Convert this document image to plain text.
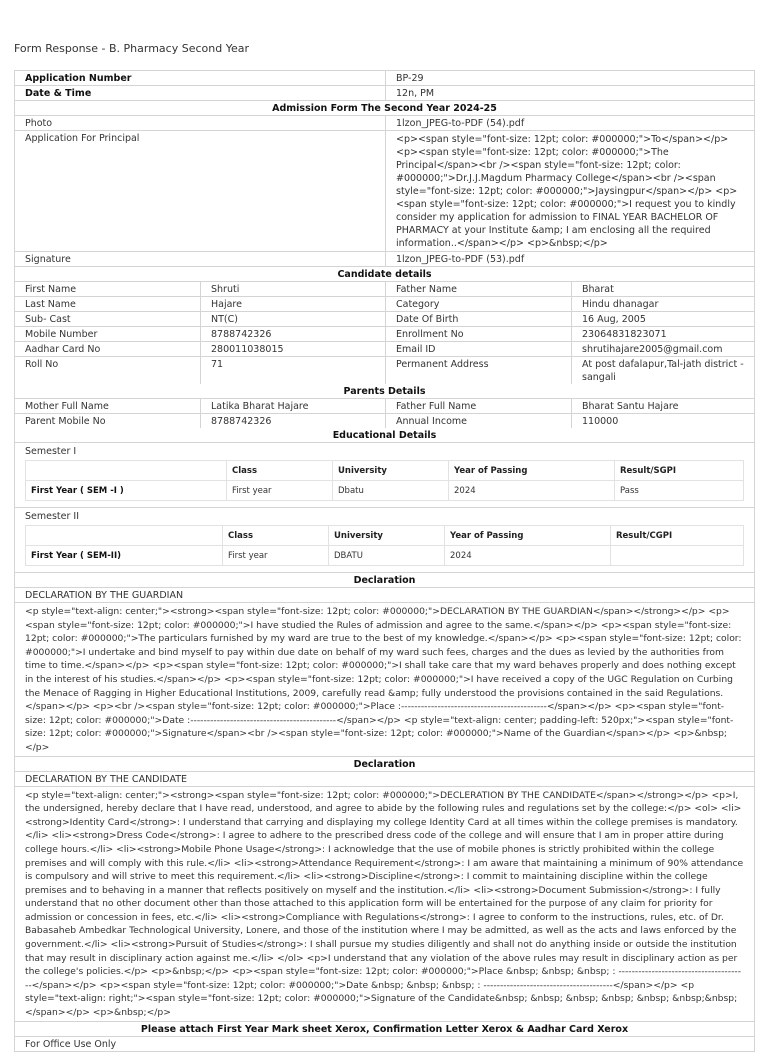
Form Response - B. Pharmacy Second Year
Application Number	BP-29
Date & Time	12n, PM
Admission Form The Second Year 2024-25
Photo	1lzon_JPEG-to-PDF (54).pdf
Application For Principal	<p><span style="font-size: 12pt; color: #000000;">To</span></p> <p><span style="font-size: 12pt; color: #000000;">The Principal</span><br /><span style="font-size: 12pt; color: #000000;">Dr.J.J.Magdum Pharmacy College</span><br /><span style="font-size: 12pt; color: #000000;">Jaysingpur</span></p> <p><span style="font-size: 12pt; color: #000000;">I request you to kindly consider my application for admission to FINAL YEAR BACHELOR OF PHARMACY at your Institute &amp; I am enclosing all the required information..</span></p> <p>&nbsp;</p>
Signature	1lzon_JPEG-to-PDF (53).pdf
Candidate details
First Name	Shruti	Father Name	Bharat
Last Name	Hajare	Category	Hindu dhanagar
Sub- Cast	NT(C)	Date Of Birth	16 Aug, 2005
Mobile Number	8788742326	Enrollment No	23064831823071
Aadhar Card No	280011038015	Email ID	shrutihajare2005@gmail.com
Roll No	71	Permanent Address	At post dafalapur,Tal-jath district - sangali
Parents Details
Mother Full Name	Latika Bharat Hajare	Father Full Name	Bharat Santu Hajare
Parent Mobile No	8788742326	Annual Income	110000
Educational Details
Semester I
	Class	University	Year of Passing	Result/SGPI
First Year ( SEM -I )	First year	Dbatu	2024	Pass
Semester II
	Class	University	Year of Passing	Result/CGPI
First Year ( SEM-II)	First year	DBATU	2024	
Declaration
DECLARATION BY THE GUARDIAN
<p style="text-align: center;"><strong><span style="font-size: 12pt; color: #000000;">DECLARATION BY THE GUARDIAN</span></strong></p> <p><span style="font-size: 12pt; color: #000000;">I have studied the Rules of admission and agree to the same.</span></p> <p><span style="font-size: 12pt; color: #000000;">The particulars furnished by my ward are true to the best of my knowledge.</span></p> <p><span style="font-size: 12pt; color: #000000;">I undertake and bind myself to pay within due date on behalf of my ward such fees, charges and the dues as levied by the authorities from time to time.</span></p> <p><span style="font-size: 12pt; color: #000000;">I shall take care that my ward behaves properly and does nothing except in the interest of his studies.</span></p> <p><span style="font-size: 12pt; color: #000000;">I have received a copy of the UGC Regulation on Curbing the Menace of Ragging in Higher Educational Institutions, 2009, carefully read &amp; fully understood the provisions contained in the said Regulations.</span></p> <p><br /><span style="font-size: 12pt; color: #000000;">Place :--------------------------------------------</span></p> <p><span style="font-size: 12pt; color: #000000;">Date :--------------------------------------------</span></p> <p style="text-align: center; padding-left: 520px;"><span style="font-size: 12pt; color: #000000;">Signature</span><br /><span style="font-size: 12pt; color: #000000;">Name of the Guardian</span></p> <p>&nbsp;</p>
Declaration
DECLARATION BY THE CANDIDATE
<p style="text-align: center;"><strong><span style="font-size: 12pt; color: #000000;">DECLERATION BY THE CANDIDATE</span></strong></p> <p>I, the undersigned, hereby declare that I have read, understood, and agree to abide by the following rules and regulations set by the college:</p> <ol> <li><strong>Identity Card</strong>: I understand that carrying and displaying my college Identity Card at all times within the college premises is mandatory.</li> <li><strong>Dress Code</strong>: I agree to adhere to the prescribed dress code of the college and will ensure that I am in proper attire during college hours.</li> <li><strong>Mobile Phone Usage</strong>: I acknowledge that the use of mobile phones is strictly prohibited within the college premises and will comply with this rule.</li> <li><strong>Attendance Requirement</strong>: I am aware that maintaining a minimum of 90% attendance is compulsory and will strive to meet this requirement.</li> <li><strong>Discipline</strong>: I commit to maintaining discipline within the college premises and to behaving in a manner that reflects positively on myself and the institution.</li> <li><strong>Document Submission</strong>: I fully understand that no other document other than those attached to this application form will be entertained for the purpose of any claim for priority for admission or concession in fees, etc.</li> <li><strong>Compliance with Regulations</strong>: I agree to conform to the instructions, rules, etc. of Dr. Babasaheb Ambedkar Technological University, Lonere, and those of the institution where I may be admitted, as well as the acts and laws enforced by the government.</li> <li><strong>Pursuit of Studies</strong>: I shall pursue my studies diligently and shall not do anything inside or outside the institution that may result in disciplinary action against me.</li> </ol> <p>I understand that any violation of the above rules may result in disciplinary action as per the college's policies.</p> <p>&nbsp;</p> <p><span style="font-size: 12pt; color: #000000;">Place &nbsp; &nbsp; &nbsp; : ---------------------------------------</span></p> <p><span style="font-size: 12pt; color: #000000;">Date &nbsp; &nbsp; &nbsp; : ---------------------------------------</span></p> <p style="text-align: right;"><span style="font-size: 12pt; color: #000000;">Signature of the Candidate&nbsp; &nbsp; &nbsp; &nbsp; &nbsp; &nbsp;&nbsp;</span></p> <p>&nbsp;</p>
Please attach First Year Mark sheet Xerox, Confirmation Letter Xerox & Aadhar Card Xerox
For Office Use Only
